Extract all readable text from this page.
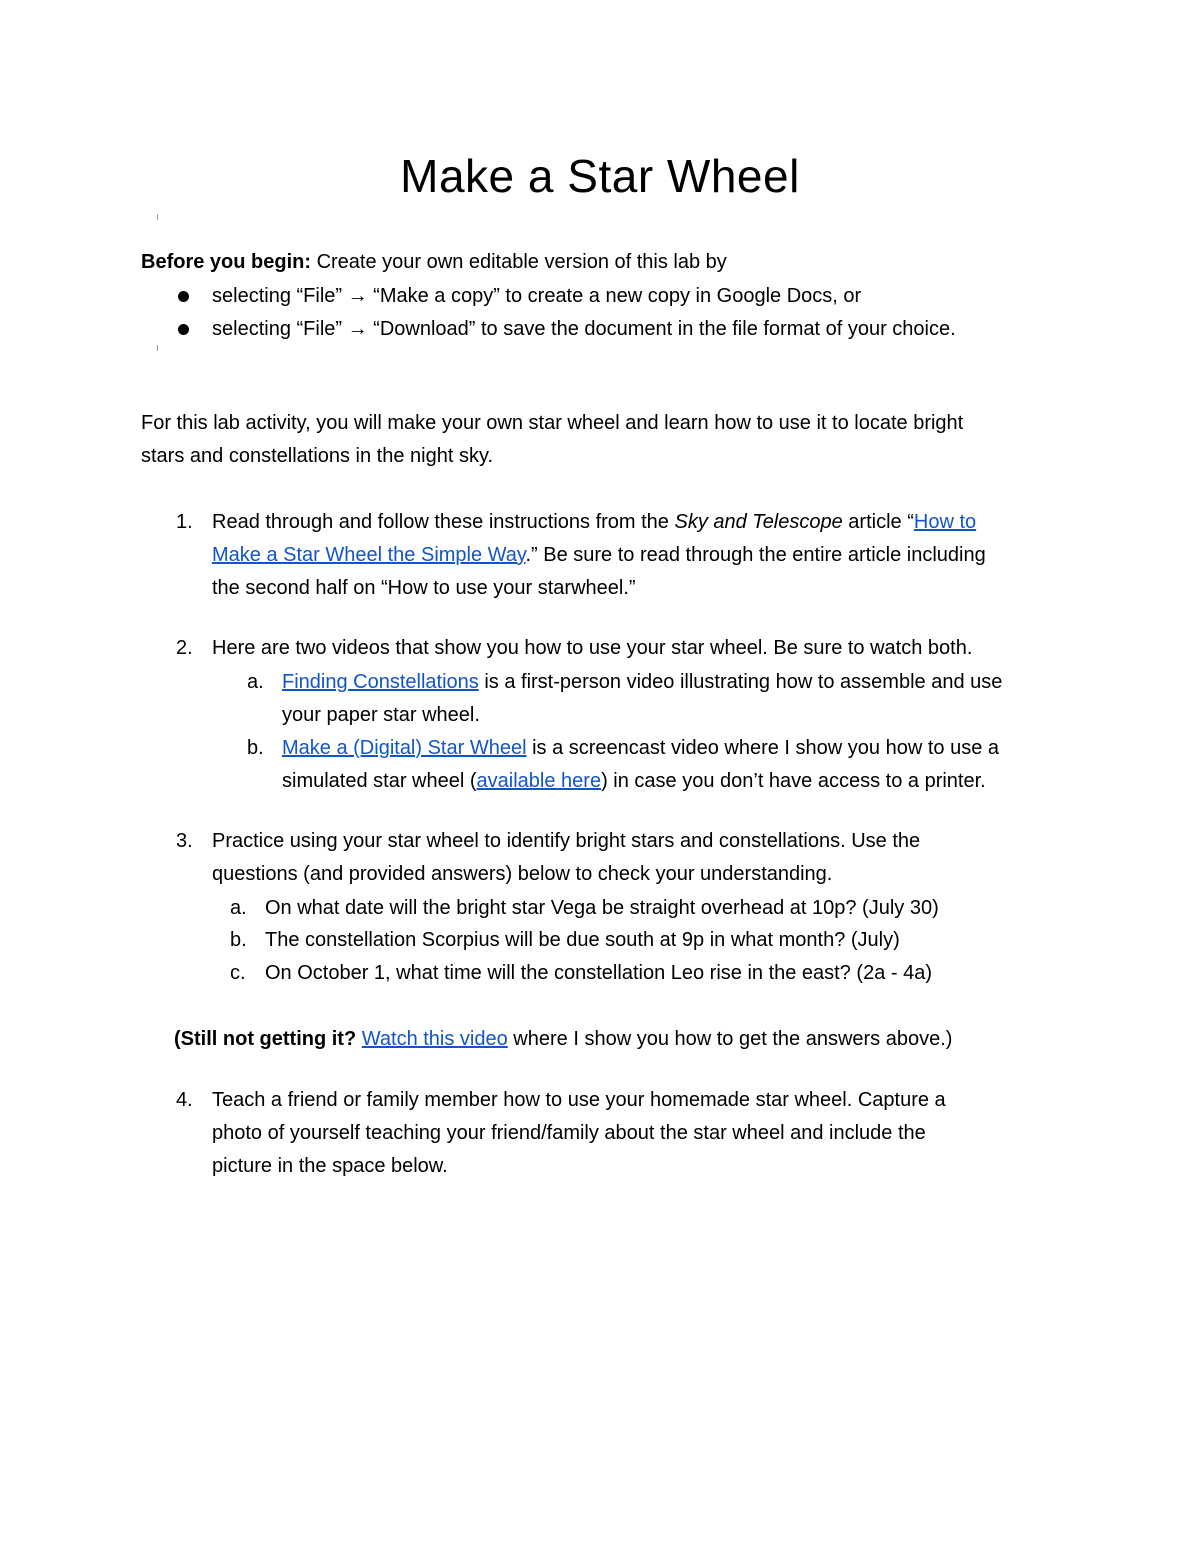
Make a Star Wheel
Before you begin: Create your own editable version of this lab by
selecting “File” → “Make a copy” to create a new copy in Google Docs, or
selecting “File” → “Download” to save the document in the file format of your choice.
For this lab activity, you will make your own star wheel and learn how to use it to locate bright
stars and constellations in the night sky.
1. Read through and follow these instructions from the Sky and Telescope article “How to
Make a Star Wheel the Simple Way.” Be sure to read through the entire article including
the second half on “How to use your starwheel.”
2. Here are two videos that show you how to use your star wheel. Be sure to watch both.
a. Finding Constellations is a first-person video illustrating how to assemble and use
your paper star wheel.
b. Make a (Digital) Star Wheel is a screencast video where I show you how to use a
simulated star wheel (available here) in case you don’t have access to a printer.
3. Practice using your star wheel to identify bright stars and constellations. Use the
questions (and provided answers) below to check your understanding.
a. On what date will the bright star Vega be straight overhead at 10p? (July 30)
b. The constellation Scorpius will be due south at 9p in what month? (July)
c. On October 1, what time will the constellation Leo rise in the east? (2a - 4a)
(Still not getting it? Watch this video where I show you how to get the answers above.)
4. Teach a friend or family member how to use your homemade star wheel. Capture a
photo of yourself teaching your friend/family about the star wheel and include the
picture in the space below.
